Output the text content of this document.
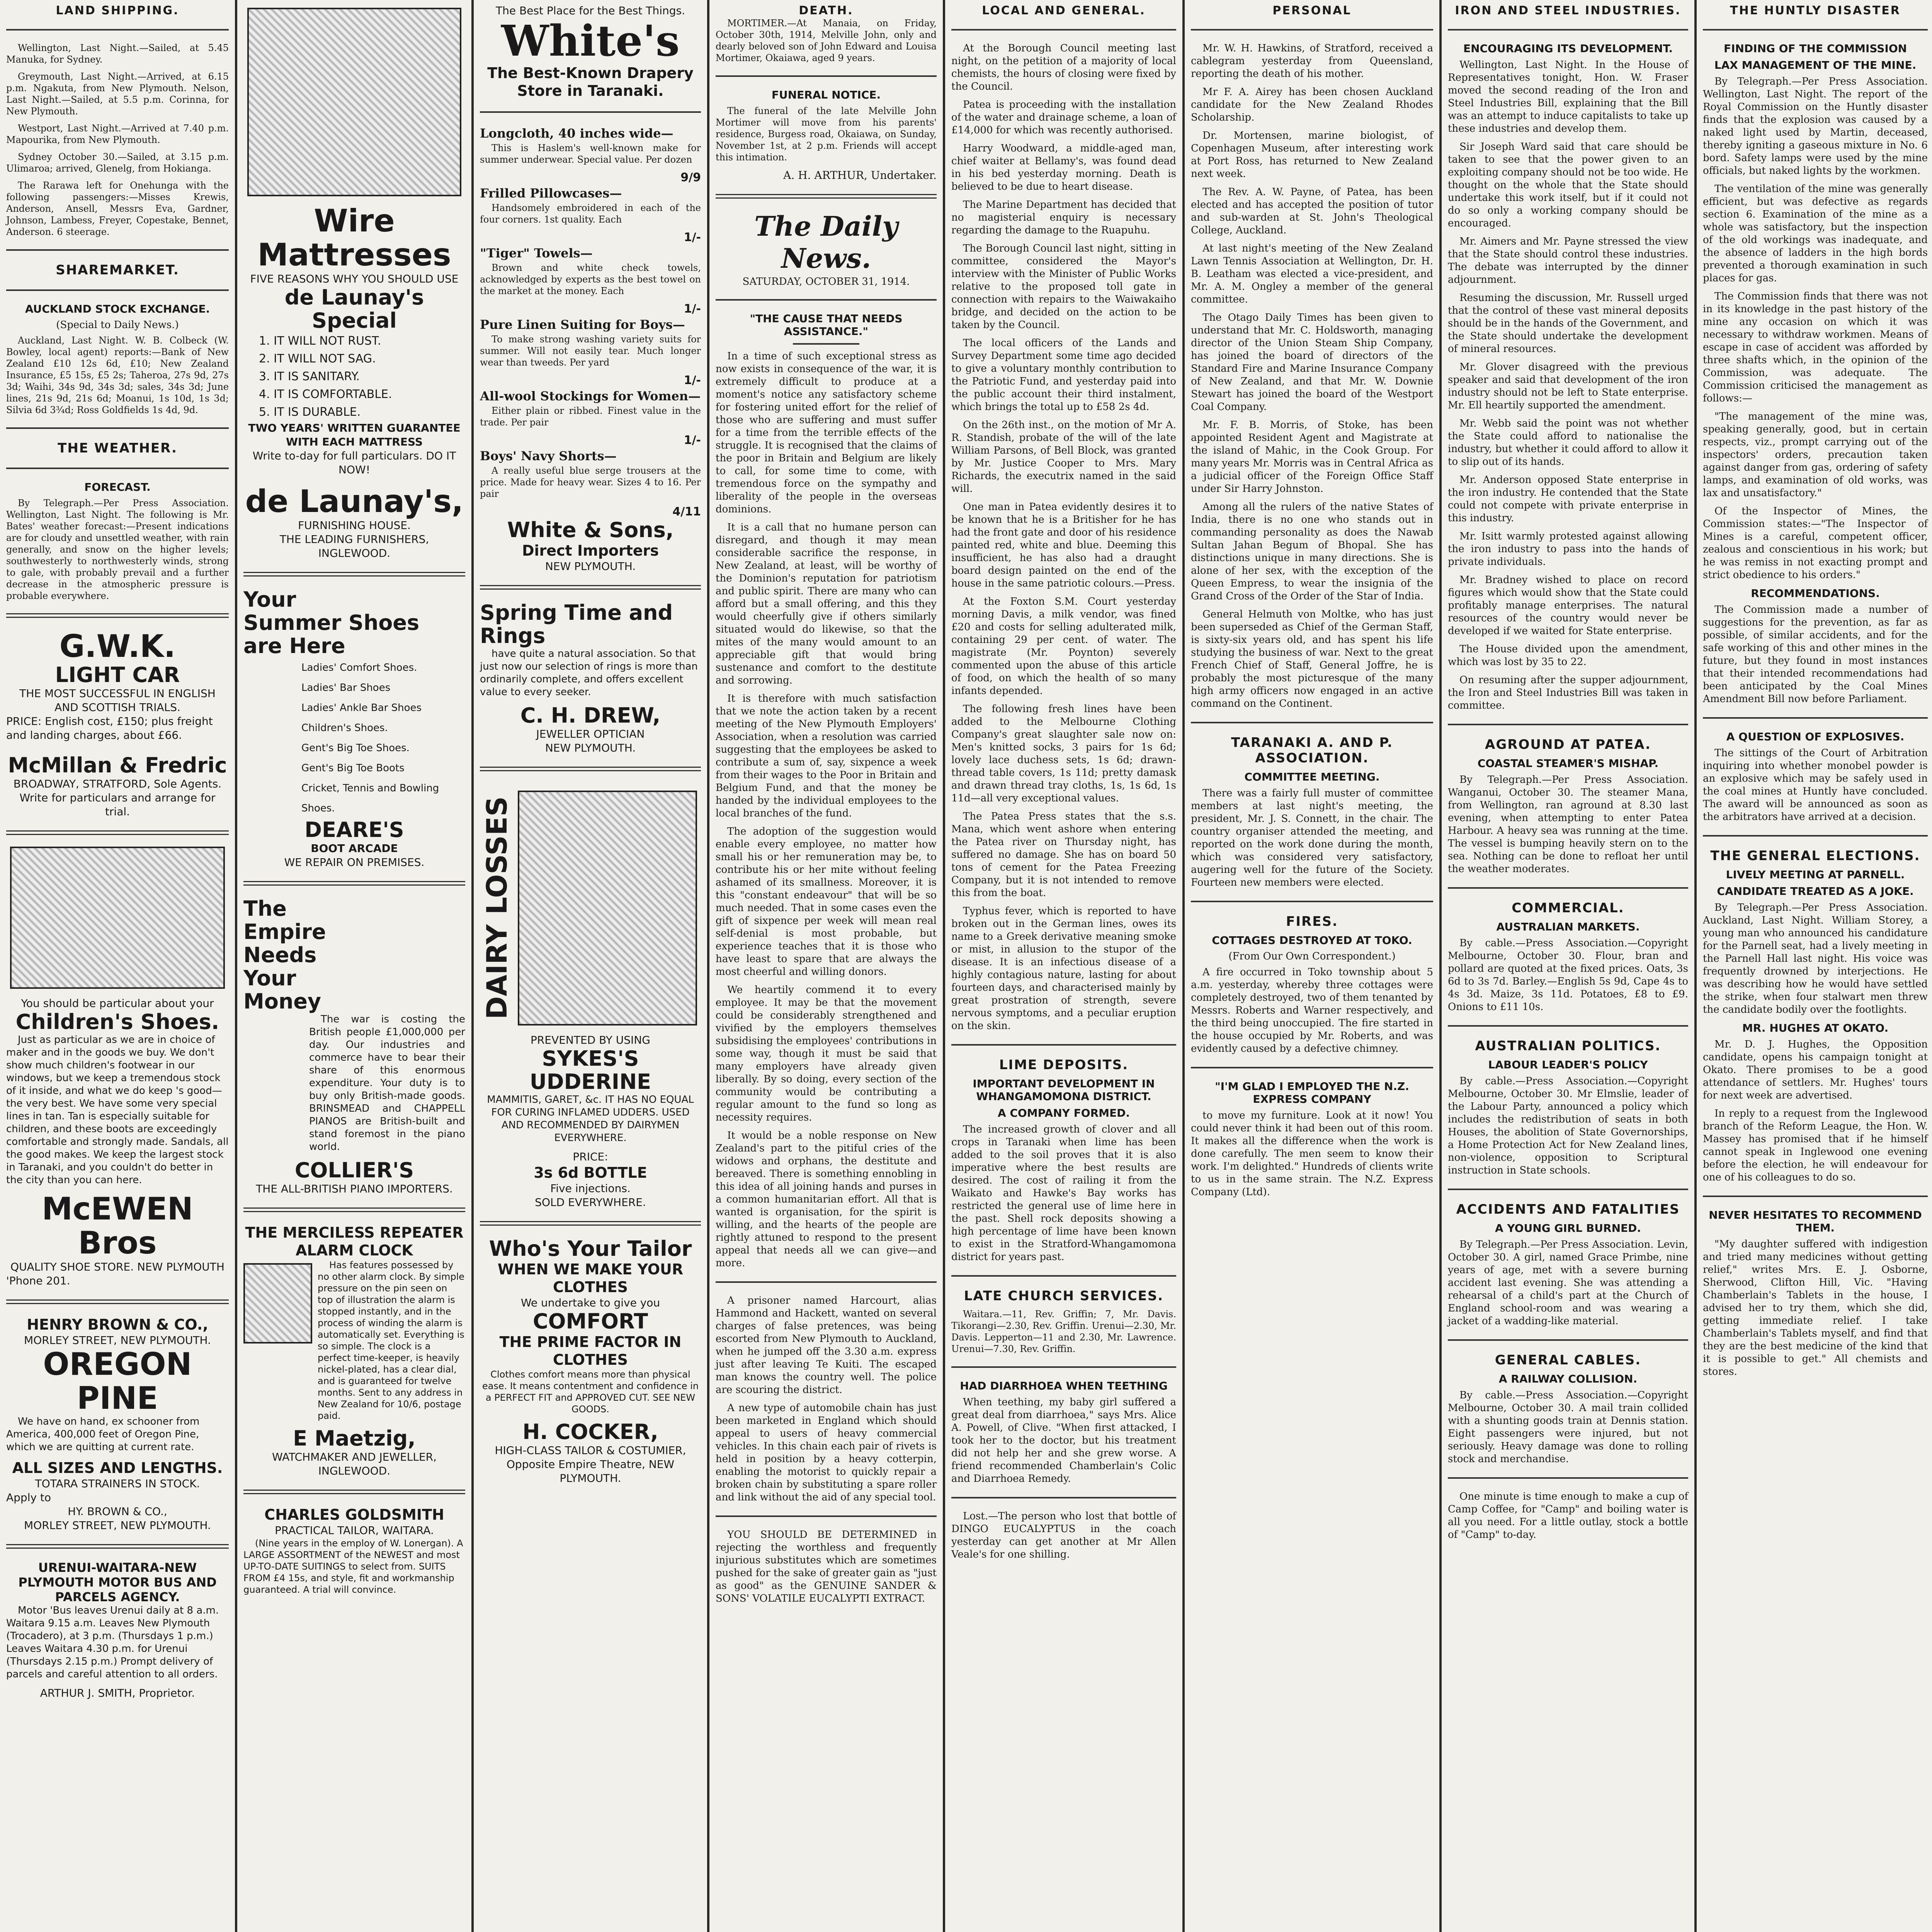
LAND SHIPPING.

Wellington, Last Night.—Sailed, at 5.45 Manuka, for Sydney.

Greymouth, Last Night.—Arrived, at 6.15 p.m. Ngakuta, from New Plymouth. Nelson, Last Night.—Sailed, at 5.5 p.m. Corinna, for New Plymouth.

Westport, Last Night.—Arrived at 7.40 p.m. Mapourika, from New Plymouth.

Sydney October 30.—Sailed, at 3.15 p.m. Ulimaroa; arrived, Glenelg, from Hokianga.

The Rarawa left for Onehunga with the following passengers:—Misses Krewis, Anderson, Ansell, Messrs Eva, Gardner, Johnson, Lambess, Freyer, Copestake, Bennet, Anderson. 6 steerage.

SHAREMARKET.
AUCKLAND STOCK EXCHANGE.
(Special to Daily News.)

Auckland, Last Night. W. B. Colbeck (W. Bowley, local agent) reports:—Bank of New Zealand £10 12s 6d, £10; New Zealand Insurance, £5 15s, £5 2s; Taheroa, 27s 9d, 27s 3d; Waihi, 34s 9d, 34s 3d; sales, 34s 3d; June lines, 21s 9d, 21s 6d; Moanui, 1s 10d, 1s 3d; Silvia 6d 3¾d; Ross Goldfields 1s 4d, 9d.

THE WEATHER.
FORECAST.

By Telegraph.—Per Press Association. Wellington, Last Night. The following is Mr. Bates' weather forecast:—Present indications are for cloudy and unsettled weather, with rain generally, and snow on the higher levels; southwesterly to northwesterly winds, strong to gale, with probably prevail and a further decrease in the atmospheric pressure is probable everywhere.

G.W.K.
LIGHT CAR
THE MOST SUCCESSFUL IN ENGLISH AND SCOTTISH TRIALS.
PRICE: English cost, £150; plus freight and landing charges, about £66.
McMillan & Fredric
BROADWAY, STRATFORD, Sole Agents.
Write for particulars and arrange for trial.
You should be particular about your
Children's Shoes.

Just as particular as we are in choice of maker and in the goods we buy. We don't show much children's footwear in our windows, but we keep a tremendous stock of it inside, and what we do keep 's good—the very best. We have some very special lines in tan. Tan is especially suitable for children, and these boots are exceedingly comfortable and strongly made. Sandals, all the good makes. We keep the largest stock in Taranaki, and you couldn't do better in the city than you can here.

McEWEN Bros
QUALITY SHOE STORE. NEW PLYMOUTH
'Phone 201.
HENRY BROWN & CO.,
MORLEY STREET, NEW PLYMOUTH.
OREGON PINE

We have on hand, ex schooner from America, 400,000 feet of Oregon Pine, which we are quitting at current rate.

ALL SIZES AND LENGTHS.
TOTARA STRAINERS IN STOCK.
Apply to
HY. BROWN & CO.,
MORLEY STREET, NEW PLYMOUTH.
URENUI-WAITARA-NEW PLYMOUTH MOTOR BUS AND PARCELS AGENCY.

Motor 'Bus leaves Urenui daily at 8 a.m. Waitara 9.15 a.m. Leaves New Plymouth (Trocadero), at 3 p.m. (Thursdays 1 p.m.) Leaves Waitara 4.30 p.m. for Urenui (Thursdays 2.15 p.m.) Prompt delivery of parcels and careful attention to all orders.

ARTHUR J. SMITH, Proprietor.
Wire
Mattresses
FIVE REASONS WHY YOU SHOULD USE
de Launay's Special
1. IT WILL NOT RUST.
2. IT WILL NOT SAG.
3. IT IS SANITARY.
4. IT IS COMFORTABLE.
5. IT IS DURABLE.
TWO YEARS' WRITTEN GUARANTEE WITH EACH MATTRESS
Write to-day for full particulars. DO IT NOW!
de Launay's,
FURNISHING HOUSE.
THE LEADING FURNISHERS,
INGLEWOOD.
Your
Summer Shoes
are Here
Ladies' Comfort Shoes.
Ladies' Bar Shoes
Ladies' Ankle Bar Shoes
Children's Shoes.
Gent's Big Toe Shoes.
Gent's Big Toe Boots
Cricket, Tennis and Bowling Shoes.
DEARE'S
BOOT ARCADE
WE REPAIR ON PREMISES.
The
Empire
Needs
Your
Money

The war is costing the British people £1,000,000 per day. Our industries and commerce have to bear their share of this enormous expenditure. Your duty is to buy only British-made goods. BRINSMEAD and CHAPPELL PIANOS are British-built and stand foremost in the piano world.

COLLIER'S
THE ALL-BRITISH PIANO IMPORTERS.
THE MERCILESS REPEATER ALARM CLOCK

Has features possessed by no other alarm clock. By simple pressure on the pin seen on top of illustration the alarm is stopped instantly, and in the process of winding the alarm is automatically set. Everything is so simple. The clock is a perfect time-keeper, is heavily nickel-plated, has a clear dial, and is guaranteed for twelve months. Sent to any address in New Zealand for 10/6, postage paid.

E Maetzig,
WATCHMAKER AND JEWELLER, INGLEWOOD.
CHARLES GOLDSMITH
PRACTICAL TAILOR, WAITARA.

(Nine years in the employ of W. Lonergan). A LARGE ASSORTMENT of the NEWEST and most UP-TO-DATE SUITINGS to select from. SUITS FROM £4 15s, and style, fit and workmanship guaranteed. A trial will convince.

The Best Place for the Best Things.
White's
The Best-Known Drapery Store in Taranaki.
Longcloth, 40 inches wide—

This is Haslem's well-known make for summer underwear. Special value. Per dozen

9/9
Frilled Pillowcases—

Handsomely embroidered in each of the four corners. 1st quality. Each

1/-
"Tiger" Towels—

Brown and white check towels, acknowledged by experts as the best towel on the market at the money. Each

1/-
Pure Linen Suiting for Boys—

To make strong washing variety suits for summer. Will not easily tear. Much longer wear than tweeds. Per yard

1/-
All-wool Stockings for Women—

Either plain or ribbed. Finest value in the trade. Per pair

1/-
Boys' Navy Shorts—

A really useful blue serge trousers at the price. Made for heavy wear. Sizes 4 to 16. Per pair

4/11
White & Sons,
Direct Importers
NEW PLYMOUTH.
Spring Time and Rings

have quite a natural association. So that just now our selection of rings is more than ordinarily complete, and offers excellent value to every seeker.

C. H. DREW,
JEWELLER OPTICIAN
NEW PLYMOUTH.
DAIRY LOSSES
PREVENTED BY USING
SYKES'S UDDERINE

MAMMITIS, GARET, &c. IT HAS NO EQUAL FOR CURING INFLAMED UDDERS. USED AND RECOMMENDED BY DAIRYMEN EVERYWHERE.

PRICE:
3s 6d BOTTLE
Five injections.
SOLD EVERYWHERE.
Who's Your Tailor
WHEN WE MAKE YOUR CLOTHES
We undertake to give you
COMFORT
THE PRIME FACTOR IN CLOTHES

Clothes comfort means more than physical ease. It means contentment and confidence in a PERFECT FIT and APPROVED CUT. SEE NEW GOODS.

H. COCKER,
HIGH-CLASS TAILOR & COSTUMIER, Opposite Empire Theatre, NEW PLYMOUTH.
DEATH.

MORTIMER.—At Manaia, on Friday, October 30th, 1914, Melville John, only and dearly beloved son of John Edward and Louisa Mortimer, Okaiawa, aged 9 years.

FUNERAL NOTICE.

The funeral of the late Melville John Mortimer will move from his parents' residence, Burgess road, Okaiawa, on Sunday, November 1st, at 2 p.m. Friends will accept this intimation.

A. H. ARTHUR, Undertaker.
The Daily News.
SATURDAY, OCTOBER 31, 1914.
"THE CAUSE THAT NEEDS ASSISTANCE."

In a time of such exceptional stress as now exists in consequence of the war, it is extremely difficult to produce at a moment's notice any satisfactory scheme for fostering united effort for the relief of those who are suffering and must suffer for a time from the terrible effects of the struggle. It is recognised that the claims of the poor in Britain and Belgium are likely to call, for some time to come, with tremendous force on the sympathy and liberality of the people in the overseas dominions.

It is a call that no humane person can disregard, and though it may mean considerable sacrifice the response, in New Zealand, at least, will be worthy of the Dominion's reputation for patriotism and public spirit. There are many who can afford but a small offering, and this they would cheerfully give if others similarly situated would do likewise, so that the mites of the many would amount to an appreciable gift that would bring sustenance and comfort to the destitute and sorrowing.

It is therefore with much satisfaction that we note the action taken by a recent meeting of the New Plymouth Employers' Association, when a resolution was carried suggesting that the employees be asked to contribute a sum of, say, sixpence a week from their wages to the Poor in Britain and Belgium Fund, and that the money be handed by the individual employees to the local branches of the fund.

The adoption of the suggestion would enable every employee, no matter how small his or her remuneration may be, to contribute his or her mite without feeling ashamed of its smallness. Moreover, it is this "constant endeavour" that will be so much needed. That in some cases even the gift of sixpence per week will mean real self-denial is most probable, but experience teaches that it is those who have least to spare that are always the most cheerful and willing donors.

We heartily commend it to every employee. It may be that the movement could be considerably strengthened and vivified by the employers themselves subsidising the employees' contributions in some way, though it must be said that many employers have already given liberally. By so doing, every section of the community would be contributing a regular amount to the fund so long as necessity requires.

It would be a noble response on New Zealand's part to the pitiful cries of the widows and orphans, the destitute and bereaved. There is something ennobling in this idea of all joining hands and purses in a common humanitarian effort. All that is wanted is organisation, for the spirit is willing, and the hearts of the people are rightly attuned to respond to the present appeal that needs all we can give—and more.

A prisoner named Harcourt, alias Hammond and Hackett, wanted on several charges of false pretences, was being escorted from New Plymouth to Auckland, when he jumped off the 3.30 a.m. express just after leaving Te Kuiti. The escaped man knows the country well. The police are scouring the district.

A new type of automobile chain has just been marketed in England which should appeal to users of heavy commercial vehicles. In this chain each pair of rivets is held in position by a heavy cotterpin, enabling the motorist to quickly repair a broken chain by substituting a spare roller and link without the aid of any special tool.

YOU SHOULD BE DETERMINED in rejecting the worthless and frequently injurious substitutes which are sometimes pushed for the sake of greater gain as "just as good" as the GENUINE SANDER & SONS' VOLATILE EUCALYPTI EXTRACT.

LOCAL AND GENERAL.

At the Borough Council meeting last night, on the petition of a majority of local chemists, the hours of closing were fixed by the Council.

Patea is proceeding with the installation of the water and drainage scheme, a loan of £14,000 for which was recently authorised.

Harry Woodward, a middle-aged man, chief waiter at Bellamy's, was found dead in his bed yesterday morning. Death is believed to be due to heart disease.

The Marine Department has decided that no magisterial enquiry is necessary regarding the damage to the Ruapuhu.

The Borough Council last night, sitting in committee, considered the Mayor's interview with the Minister of Public Works relative to the proposed toll gate in connection with repairs to the Waiwakaiho bridge, and decided on the action to be taken by the Council.

The local officers of the Lands and Survey Department some time ago decided to give a voluntary monthly contribution to the Patriotic Fund, and yesterday paid into the public account their third instalment, which brings the total up to £58 2s 4d.

On the 26th inst., on the motion of Mr A. R. Standish, probate of the will of the late William Parsons, of Bell Block, was granted by Mr. Justice Cooper to Mrs. Mary Richards, the executrix named in the said will.

One man in Patea evidently desires it to be known that he is a Britisher for he has had the front gate and door of his residence painted red, white and blue. Deeming this insufficient, he has also had a draught board design painted on the end of the house in the same patriotic colours.—Press.

At the Foxton S.M. Court yesterday morning Davis, a milk vendor, was fined £20 and costs for selling adulterated milk, containing 29 per cent. of water. The magistrate (Mr. Poynton) severely commented upon the abuse of this article of food, on which the health of so many infants depended.

The following fresh lines have been added to the Melbourne Clothing Company's great slaughter sale now on: Men's knitted socks, 3 pairs for 1s 6d; lovely lace duchess sets, 1s 6d; drawn-thread table covers, 1s 11d; pretty damask and drawn thread tray cloths, 1s, 1s 6d, 1s 11d—all very exceptional values.

The Patea Press states that the s.s. Mana, which went ashore when entering the Patea river on Thursday night, has suffered no damage. She has on board 50 tons of cement for the Patea Freezing Company, but it is not intended to remove this from the boat.

Typhus fever, which is reported to have broken out in the German lines, owes its name to a Greek derivative meaning smoke or mist, in allusion to the stupor of the disease. It is an infectious disease of a highly contagious nature, lasting for about fourteen days, and characterised mainly by great prostration of strength, severe nervous symptoms, and a peculiar eruption on the skin.

LIME DEPOSITS.
IMPORTANT DEVELOPMENT IN WHANGAMOMONA DISTRICT.
A COMPANY FORMED.

The increased growth of clover and all crops in Taranaki when lime has been added to the soil proves that it is also imperative where the best results are desired. The cost of railing it from the Waikato and Hawke's Bay works has restricted the general use of lime here in the past. Shell rock deposits showing a high percentage of lime have been known to exist in the Stratford-Whangamomona district for years past.

LATE CHURCH SERVICES.

Waitara.—11, Rev. Griffin; 7, Mr. Davis. Tikorangi—2.30, Rev. Griffin. Urenui—2.30, Mr. Davis. Lepperton—11 and 2.30, Mr. Lawrence. Urenui—7.30, Rev. Griffin.

HAD DIARRHOEA WHEN TEETHING

When teething, my baby girl suffered a great deal from diarrhoea," says Mrs. Alice A. Powell, of Clive. "When first attacked, I took her to the doctor, but his treatment did not help her and she grew worse. A friend recommended Chamberlain's Colic and Diarrhoea Remedy.

Lost.—The person who lost that bottle of DINGO EUCALYPTUS in the coach yesterday can get another at Mr Allen Veale's for one shilling.

PERSONAL

Mr. W. H. Hawkins, of Stratford, received a cablegram yesterday from Queensland, reporting the death of his mother.

Mr F. A. Airey has been chosen Auckland candidate for the New Zealand Rhodes Scholarship.

Dr. Mortensen, marine biologist, of Copenhagen Museum, after interesting work at Port Ross, has returned to New Zealand next week.

The Rev. A. W. Payne, of Patea, has been elected and has accepted the position of tutor and sub-warden at St. John's Theological College, Auckland.

At last night's meeting of the New Zealand Lawn Tennis Association at Wellington, Dr. H. B. Leatham was elected a vice-president, and Mr. A. M. Ongley a member of the general committee.

The Otago Daily Times has been given to understand that Mr. C. Holdsworth, managing director of the Union Steam Ship Company, has joined the board of directors of the Standard Fire and Marine Insurance Company of New Zealand, and that Mr. W. Downie Stewart has joined the board of the Westport Coal Company.

Mr. F. B. Morris, of Stoke, has been appointed Resident Agent and Magistrate at the island of Mahic, in the Cook Group. For many years Mr. Morris was in Central Africa as a judicial officer of the Foreign Office Staff under Sir Harry Johnston.

Among all the rulers of the native States of India, there is no one who stands out in commanding personality as does the Nawab Sultan Jahan Begum of Bhopal. She has distinctions unique in many directions. She is alone of her sex, with the exception of the Queen Empress, to wear the insignia of the Grand Cross of the Order of the Star of India.

General Helmuth von Moltke, who has just been superseded as Chief of the German Staff, is sixty-six years old, and has spent his life studying the business of war. Next to the great French Chief of Staff, General Joffre, he is probably the most picturesque of the many high army officers now engaged in an active command on the Continent.

TARANAKI A. AND P. ASSOCIATION.
COMMITTEE MEETING.

There was a fairly full muster of committee members at last night's meeting, the president, Mr. J. S. Connett, in the chair. The country organiser attended the meeting, and reported on the work done during the month, which was considered very satisfactory, augering well for the future of the Society. Fourteen new members were elected.

FIRES.
COTTAGES DESTROYED AT TOKO.
(From Our Own Correspondent.)

A fire occurred in Toko township about 5 a.m. yesterday, whereby three cottages were completely destroyed, two of them tenanted by Messrs. Roberts and Warner respectively, and the third being unoccupied. The fire started in the house occupied by Mr. Roberts, and was evidently caused by a defective chimney.

"I'M GLAD I EMPLOYED THE N.Z. EXPRESS COMPANY

to move my furniture. Look at it now! You could never think it had been out of this room. It makes all the difference when the work is done carefully. The men seem to know their work. I'm delighted." Hundreds of clients write to us in the same strain. The N.Z. Express Company (Ltd).

IRON AND STEEL INDUSTRIES.
ENCOURAGING ITS DEVELOPMENT.

Wellington, Last Night. In the House of Representatives tonight, Hon. W. Fraser moved the second reading of the Iron and Steel Industries Bill, explaining that the Bill was an attempt to induce capitalists to take up these industries and develop them.

Sir Joseph Ward said that care should be taken to see that the power given to an exploiting company should not be too wide. He thought on the whole that the State should undertake this work itself, but if it could not do so only a working company should be encouraged.

Mr. Aimers and Mr. Payne stressed the view that the State should control these industries. The debate was interrupted by the dinner adjournment.

Resuming the discussion, Mr. Russell urged that the control of these vast mineral deposits should be in the hands of the Government, and the State should undertake the development of mineral resources.

Mr. Glover disagreed with the previous speaker and said that development of the iron industry should not be left to State enterprise. Mr. Ell heartily supported the amendment.

Mr. Webb said the point was not whether the State could afford to nationalise the industry, but whether it could afford to allow it to slip out of its hands.

Mr. Anderson opposed State enterprise in the iron industry. He contended that the State could not compete with private enterprise in this industry.

Mr. Isitt warmly protested against allowing the iron industry to pass into the hands of private individuals.

Mr. Bradney wished to place on record figures which would show that the State could profitably manage enterprises. The natural resources of the country would never be developed if we waited for State enterprise.

The House divided upon the amendment, which was lost by 35 to 22.

On resuming after the supper adjournment, the Iron and Steel Industries Bill was taken in committee.

AGROUND AT PATEA.
COASTAL STEAMER'S MISHAP.

By Telegraph.—Per Press Association. Wanganui, October 30. The steamer Mana, from Wellington, ran aground at 8.30 last evening, when attempting to enter Patea Harbour. A heavy sea was running at the time. The vessel is bumping heavily stern on to the sea. Nothing can be done to refloat her until the weather moderates.

COMMERCIAL.
AUSTRALIAN MARKETS.

By cable.—Press Association.—Copyright Melbourne, October 30. Flour, bran and pollard are quoted at the fixed prices. Oats, 3s 6d to 3s 7d. Barley.—English 5s 9d, Cape 4s to 4s 3d. Maize, 3s 11d. Potatoes, £8 to £9. Onions to £11 10s.

AUSTRALIAN POLITICS.
LABOUR LEADER'S POLICY

By cable.—Press Association.—Copyright Melbourne, October 30. Mr Elmslie, leader of the Labour Party, announced a policy which includes the redistribution of seats in both Houses, the abolition of State Governorships, a Home Protection Act for New Zealand lines, non-violence, opposition to Scriptural instruction in State schools.

ACCIDENTS AND FATALITIES
A YOUNG GIRL BURNED.

By Telegraph.—Per Press Association. Levin, October 30. A girl, named Grace Primbe, nine years of age, met with a severe burning accident last evening. She was attending a rehearsal of a child's part at the Church of England school-room and was wearing a jacket of a wadding-like material.

GENERAL CABLES.
A RAILWAY COLLISION.

By cable.—Press Association.—Copyright Melbourne, October 30. A mail train collided with a shunting goods train at Dennis station. Eight passengers were injured, but not seriously. Heavy damage was done to rolling stock and merchandise.

One minute is time enough to make a cup of Camp Coffee, for "Camp" and boiling water is all you need. For a little outlay, stock a bottle of "Camp" to-day.

THE HUNTLY DISASTER
FINDING OF THE COMMISSION
LAX MANAGEMENT OF THE MINE.

By Telegraph.—Per Press Association. Wellington, Last Night. The report of the Royal Commission on the Huntly disaster finds that the explosion was caused by a naked light used by Martin, deceased, thereby igniting a gaseous mixture in No. 6 bord. Safety lamps were used by the mine officials, but naked lights by the workmen.

The ventilation of the mine was generally efficient, but was defective as regards section 6. Examination of the mine as a whole was satisfactory, but the inspection of the old workings was inadequate, and the absence of ladders in the high bords prevented a thorough examination in such places for gas.

The Commission finds that there was not in its knowledge in the past history of the mine any occasion on which it was necessary to withdraw workmen. Means of escape in case of accident was afforded by three shafts which, in the opinion of the Commission, was adequate. The Commission criticised the management as follows:—

"The management of the mine was, speaking generally, good, but in certain respects, viz., prompt carrying out of the inspectors' orders, precaution taken against danger from gas, ordering of safety lamps, and examination of old works, was lax and unsatisfactory."

Of the Inspector of Mines, the Commission states:—"The Inspector of Mines is a careful, competent officer, zealous and conscientious in his work; but he was remiss in not exacting prompt and strict obedience to his orders."

RECOMMENDATIONS.

The Commission made a number of suggestions for the prevention, as far as possible, of similar accidents, and for the safe working of this and other mines in the future, but they found in most instances that their intended recommendations had been anticipated by the Coal Mines Amendment Bill now before Parliament.

A QUESTION OF EXPLOSIVES.

The sittings of the Court of Arbitration inquiring into whether monobel powder is an explosive which may be safely used in the coal mines at Huntly have concluded. The award will be announced as soon as the arbitrators have arrived at a decision.

THE GENERAL ELECTIONS.
LIVELY MEETING AT PARNELL.
CANDIDATE TREATED AS A JOKE.

By Telegraph.—Per Press Association. Auckland, Last Night. William Storey, a young man who announced his candidature for the Parnell seat, had a lively meeting in the Parnell Hall last night. His voice was frequently drowned by interjections. He was describing how he would have settled the strike, when four stalwart men threw the candidate bodily over the footlights.

MR. HUGHES AT OKATO.

Mr. D. J. Hughes, the Opposition candidate, opens his campaign tonight at Okato. There promises to be a good attendance of settlers. Mr. Hughes' tours for next week are advertised.

In reply to a request from the Inglewood branch of the Reform League, the Hon. W. Massey has promised that if he himself cannot speak in Inglewood one evening before the election, he will endeavour for one of his colleagues to do so.

NEVER HESITATES TO RECOMMEND THEM.

"My daughter suffered with indigestion and tried many medicines without getting relief," writes Mrs. E. J. Osborne, Sherwood, Clifton Hill, Vic. "Having Chamberlain's Tablets in the house, I advised her to try them, which she did, getting immediate relief. I take Chamberlain's Tablets myself, and find that they are the best medicine of the kind that it is possible to get." All chemists and stores.
